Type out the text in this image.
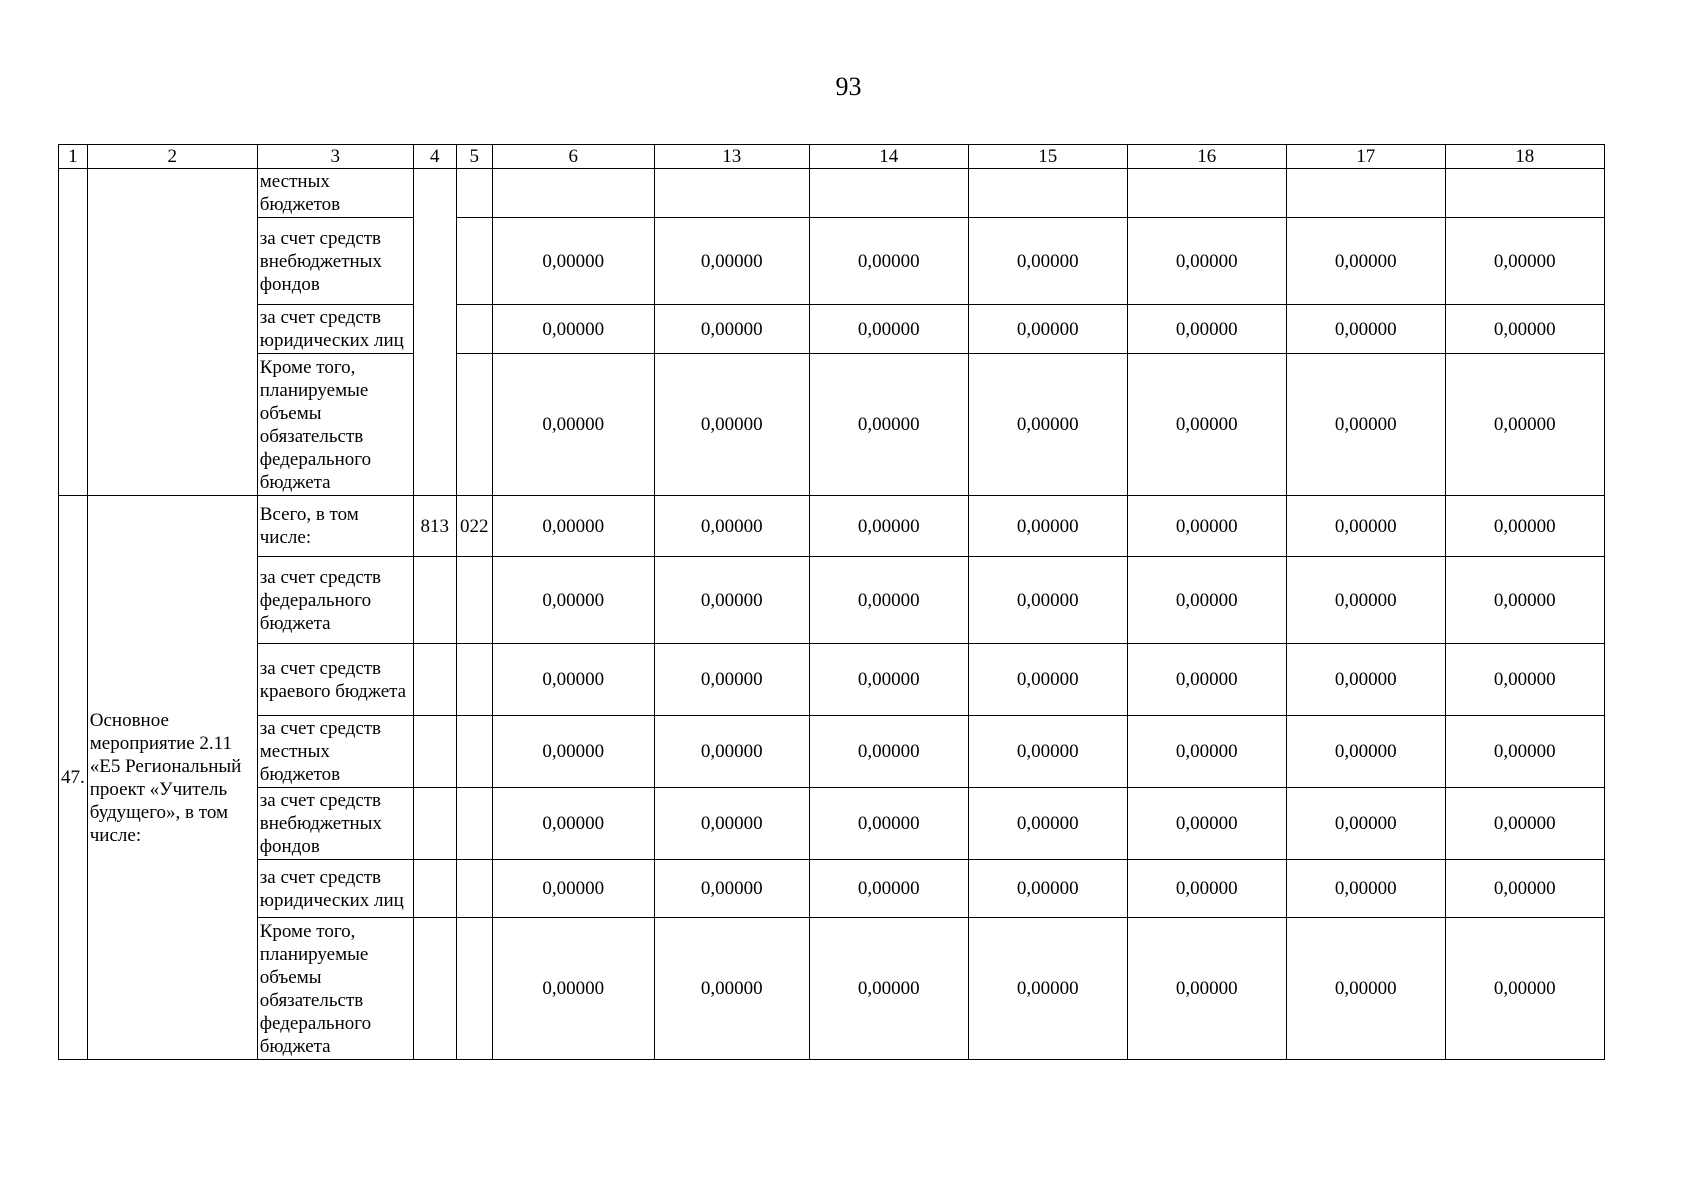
93
1	2	3	4	5	6	13	14	15	16	17	18
		местных бюджетов									
		за счет средств внебюджетных фондов			0,00000	0,00000	0,00000	0,00000	0,00000	0,00000	0,00000
		за счет средств юридических лиц			0,00000	0,00000	0,00000	0,00000	0,00000	0,00000	0,00000
		Кроме того, планируемые объемы обязательств федерального бюджета			0,00000	0,00000	0,00000	0,00000	0,00000	0,00000	0,00000
47.	Основное мероприятие 2.11 «Е5 Региональный проект «Учитель будущего», в том числе:	Всего, в том числе:	813	022	0,00000	0,00000	0,00000	0,00000	0,00000	0,00000	0,00000
		за счет средств федерального бюджета			0,00000	0,00000	0,00000	0,00000	0,00000	0,00000	0,00000
		за счет средств краевого бюджета			0,00000	0,00000	0,00000	0,00000	0,00000	0,00000	0,00000
		за счет средств местных бюджетов			0,00000	0,00000	0,00000	0,00000	0,00000	0,00000	0,00000
		за счет средств внебюджетных фондов			0,00000	0,00000	0,00000	0,00000	0,00000	0,00000	0,00000
		за счет средств юридических лиц			0,00000	0,00000	0,00000	0,00000	0,00000	0,00000	0,00000
		Кроме того, планируемые объемы обязательств федерального бюджета			0,00000	0,00000	0,00000	0,00000	0,00000	0,00000	0,00000
